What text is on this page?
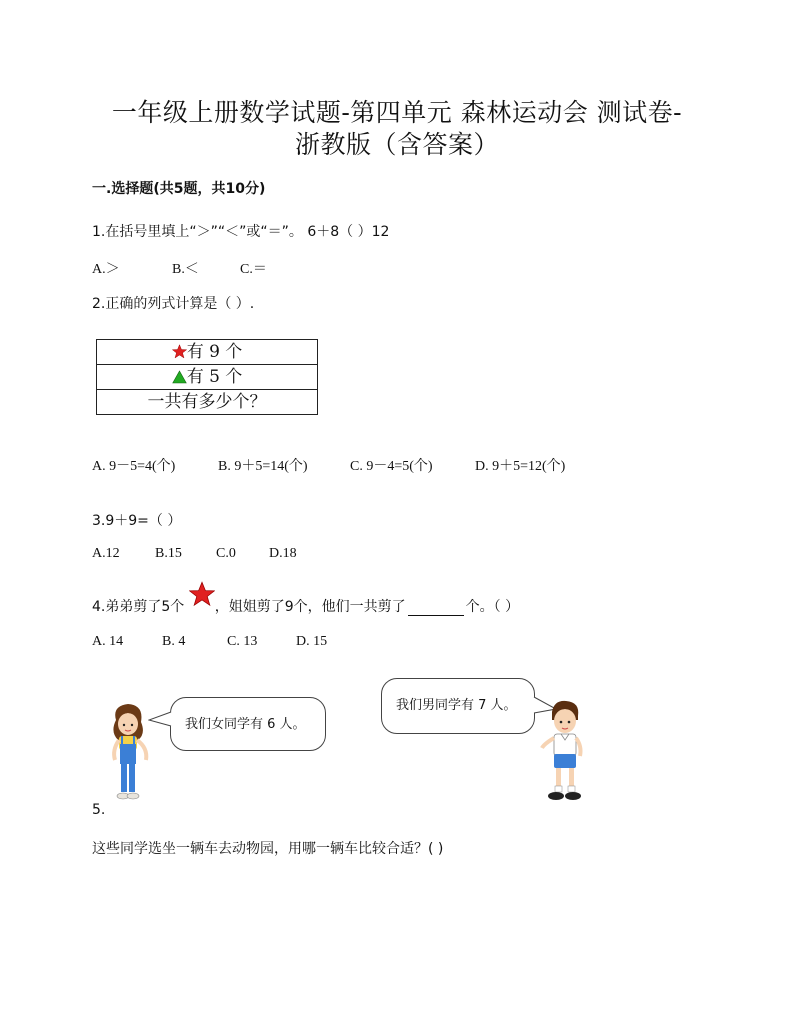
一年级上册数学试题-第四单元 森林运动会 测试卷-
浙教版（含答案）
一.选择题(共5题，共10分)
1.在括号里填上“＞”“＜”或“＝”。 6＋8（ ）12
A.＞	B.＜	C.＝
2.正确的列式计算是（ ）.
有 9 个
有 5 个
一共有多少个？
A. 9－5=4(个)	B. 9＋5=14(个)	C. 9－4=5(个)	D. 9＋5=12(个)
3.9＋9=（ ）
A.12	B.15 C.0 D.18
4.弟弟剪了5个 ，姐姐剪了9个，他们一共剪了	个。（ ）
A. 14	B. 4	C. 13	D. 15
我们女同学有 6 人。
我们男同学有 7 人。
5.
这些同学选坐一辆车去动物园，用哪一辆车比较合适？( )
